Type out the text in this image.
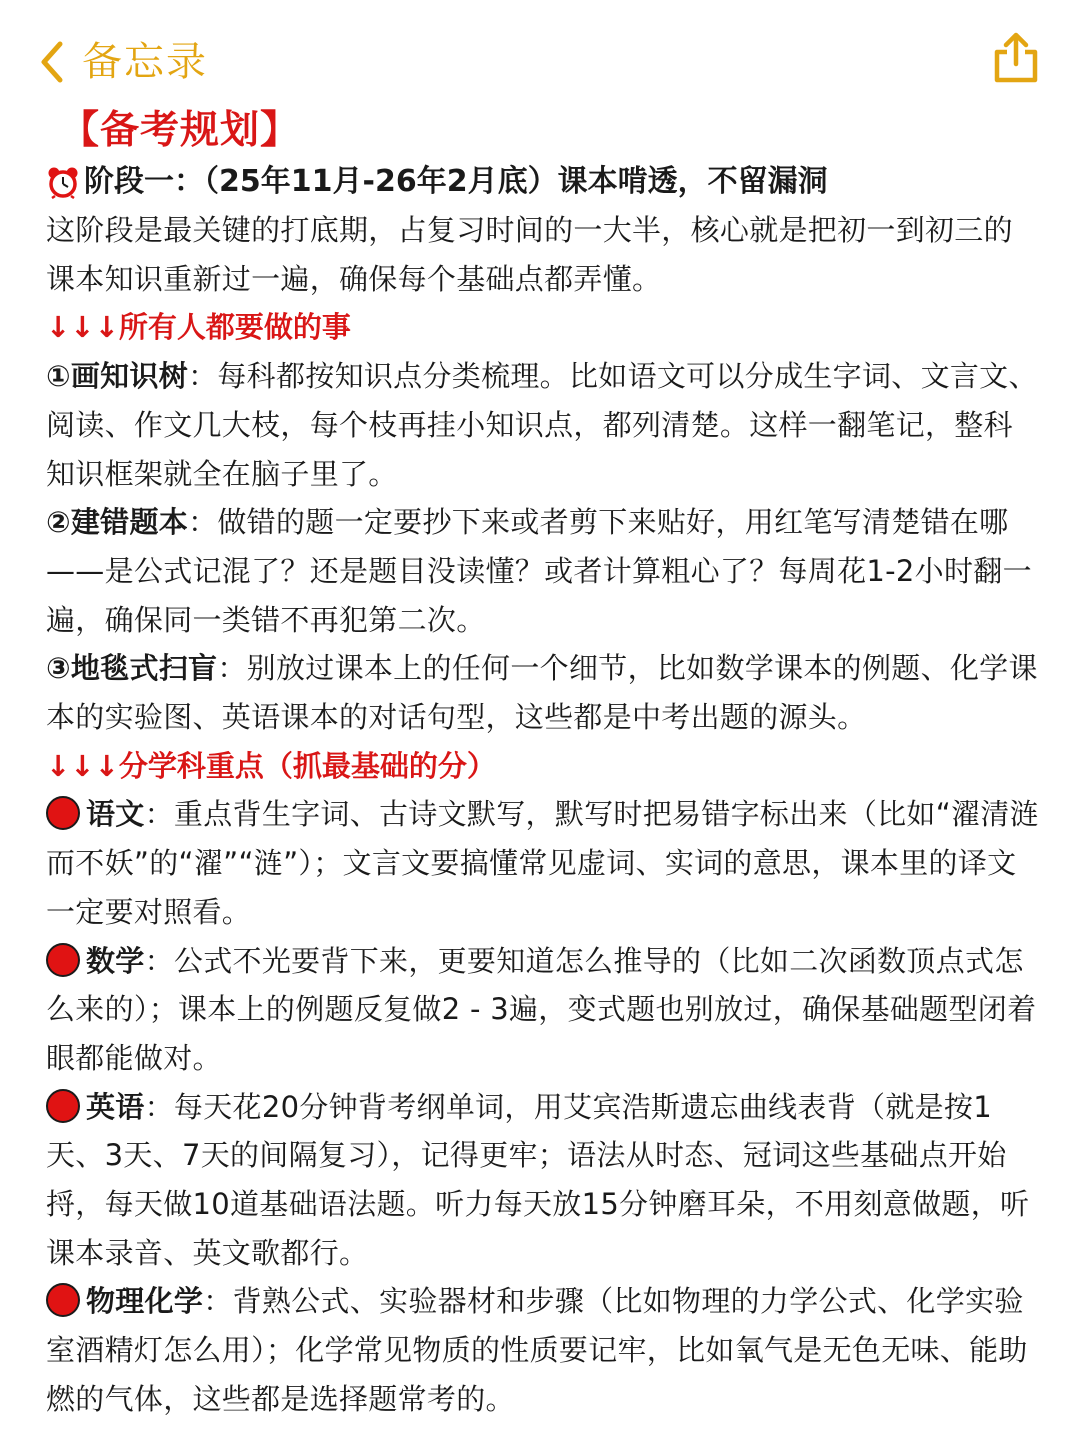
备忘录
【备考规划】
阶段一：（25年11月-26年2月底）课本啃透，不留漏洞

这阶段是最关键的打底期，占复习时间的一大半，核心就是把初一到初三的课本知识重新过一遍，确保每个基础点都弄懂。

↓↓↓所有人都要做的事

①画知识树：每科都按知识点分类梳理。比如语文可以分成生字词、文言文、阅读、作文几大枝，每个枝再挂小知识点，都列清楚。这样一翻笔记，整科知识框架就全在脑子里了。

②建错题本：做错的题一定要抄下来或者剪下来贴好，用红笔写清楚错在哪——是公式记混了？还是题目没读懂？或者计算粗心了？每周花1-2小时翻一遍，确保同一类错不再犯第二次。

③地毯式扫盲：别放过课本上的任何一个细节，比如数学课本的例题、化学课本的实验图、英语课本的对话句型，这些都是中考出题的源头。

↓↓↓分学科重点（抓最基础的分）

语文：重点背生字词、古诗文默写，默写时把易错字标出来（比如“濯清涟而不妖”的“濯”“涟”）；文言文要搞懂常见虚词、实词的意思，课本里的译文一定要对照看。

数学：公式不光要背下来，更要知道怎么推导的（比如二次函数顶点式怎么来的）；课本上的例题反复做2 - 3遍，变式题也别放过，确保基础题型闭着眼都能做对。

英语：每天花20分钟背考纲单词，用艾宾浩斯遗忘曲线表背（就是按1天、3天、7天的间隔复习），记得更牢；语法从时态、冠词这些基础点开始捋，每天做10道基础语法题。听力每天放15分钟磨耳朵，不用刻意做题，听课本录音、英文歌都行。

物理化学：背熟公式、实验器材和步骤（比如物理的力学公式、化学实验室酒精灯怎么用）；化学常见物质的性质要记牢，比如氧气是无色无味、能助燃的气体，这些都是选择题常考的。
